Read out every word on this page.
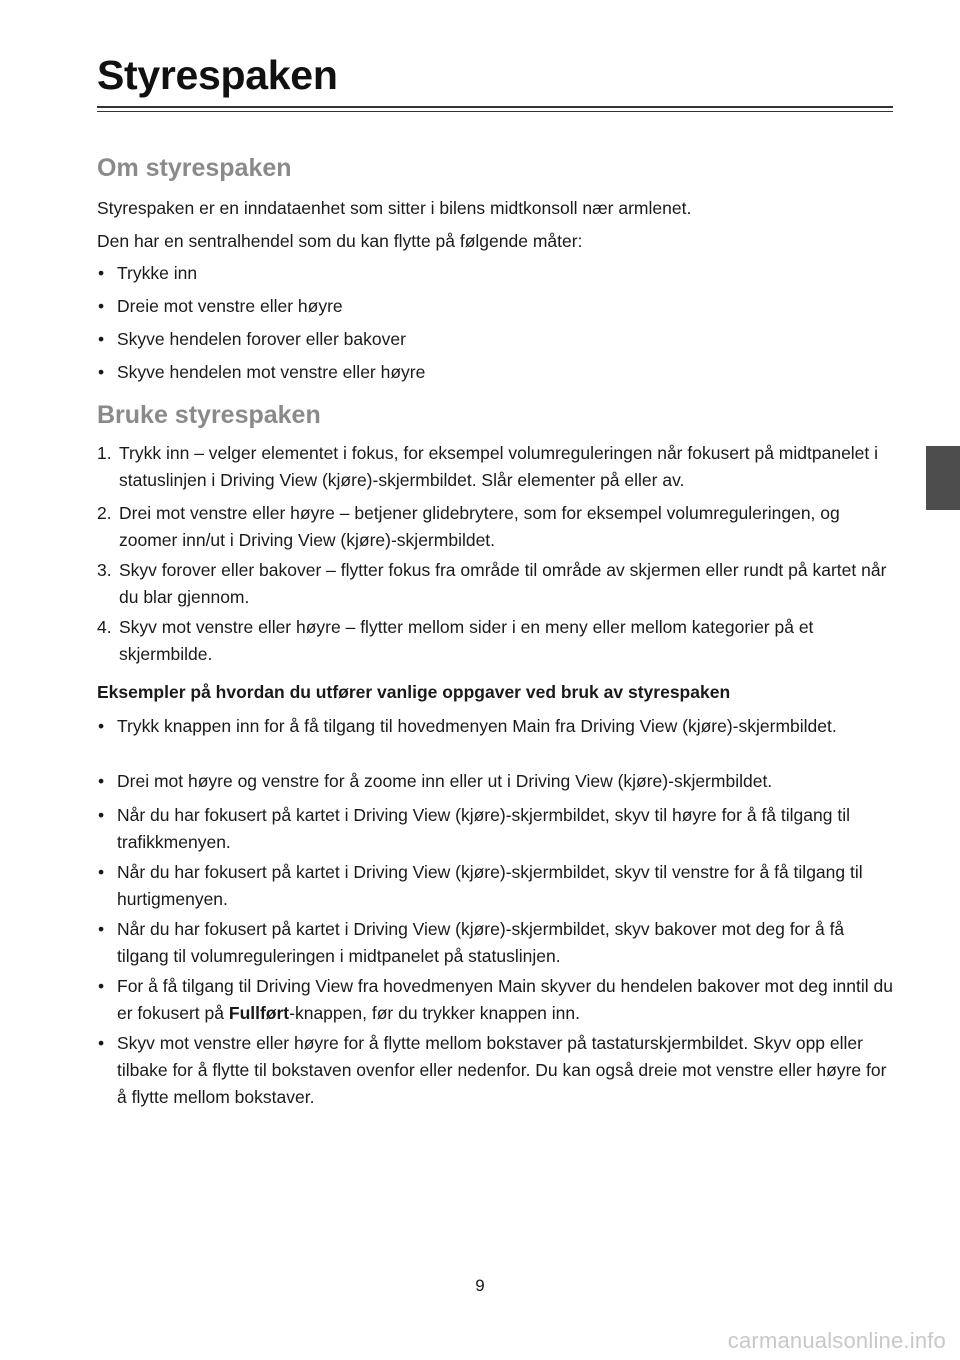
Styrespaken
Om styrespaken

Styrespaken er en inndataenhet som sitter i bilens midtkonsoll nær armlenet.

Den har en sentralhendel som du kan flytte på følgende måter:

• Trykke inn

• Dreie mot venstre eller høyre

• Skyve hendelen forover eller bakover

• Skyve hendelen mot venstre eller høyre

Bruke styrespaken

1. Trykk inn – velger elementet i fokus, for eksempel volumreguleringen når fokusert på midtpanelet i statuslinjen i Driving View (kjøre)-skjermbildet. Slår elementer på eller av.

2. Drei mot venstre eller høyre – betjener glidebrytere, som for eksempel volumreguleringen, og zoomer inn/ut i Driving View (kjøre)-skjermbildet.

3. Skyv forover eller bakover – flytter fokus fra område til område av skjermen eller rundt på kartet når du blar gjennom.

4. Skyv mot venstre eller høyre – flytter mellom sider i en meny eller mellom kategorier på et skjermbilde.

Eksempler på hvordan du utfører vanlige oppgaver ved bruk av styrespaken

• Trykk knappen inn for å få tilgang til hovedmenyen Main fra Driving View (kjøre)-skjermbildet.

• Drei mot høyre og venstre for å zoome inn eller ut i Driving View (kjøre)-skjermbildet.

• Når du har fokusert på kartet i Driving View (kjøre)-skjermbildet, skyv til høyre for å få tilgang til trafikkmenyen.

• Når du har fokusert på kartet i Driving View (kjøre)-skjermbildet, skyv til venstre for å få tilgang til hurtigmenyen.

• Når du har fokusert på kartet i Driving View (kjøre)-skjermbildet, skyv bakover mot deg for å få tilgang til volumreguleringen i midtpanelet på statuslinjen.

• For å få tilgang til Driving View fra hovedmenyen Main skyver du hendelen bakover mot deg inntil du er fokusert på Fullført-knappen, før du trykker knappen inn.

• Skyv mot venstre eller høyre for å flytte mellom bokstaver på tastaturskjermbildet. Skyv opp eller tilbake for å flytte til bokstaven ovenfor eller nedenfor. Du kan også dreie mot venstre eller høyre for å flytte mellom bokstaver.

9
carmanualsonline.info
